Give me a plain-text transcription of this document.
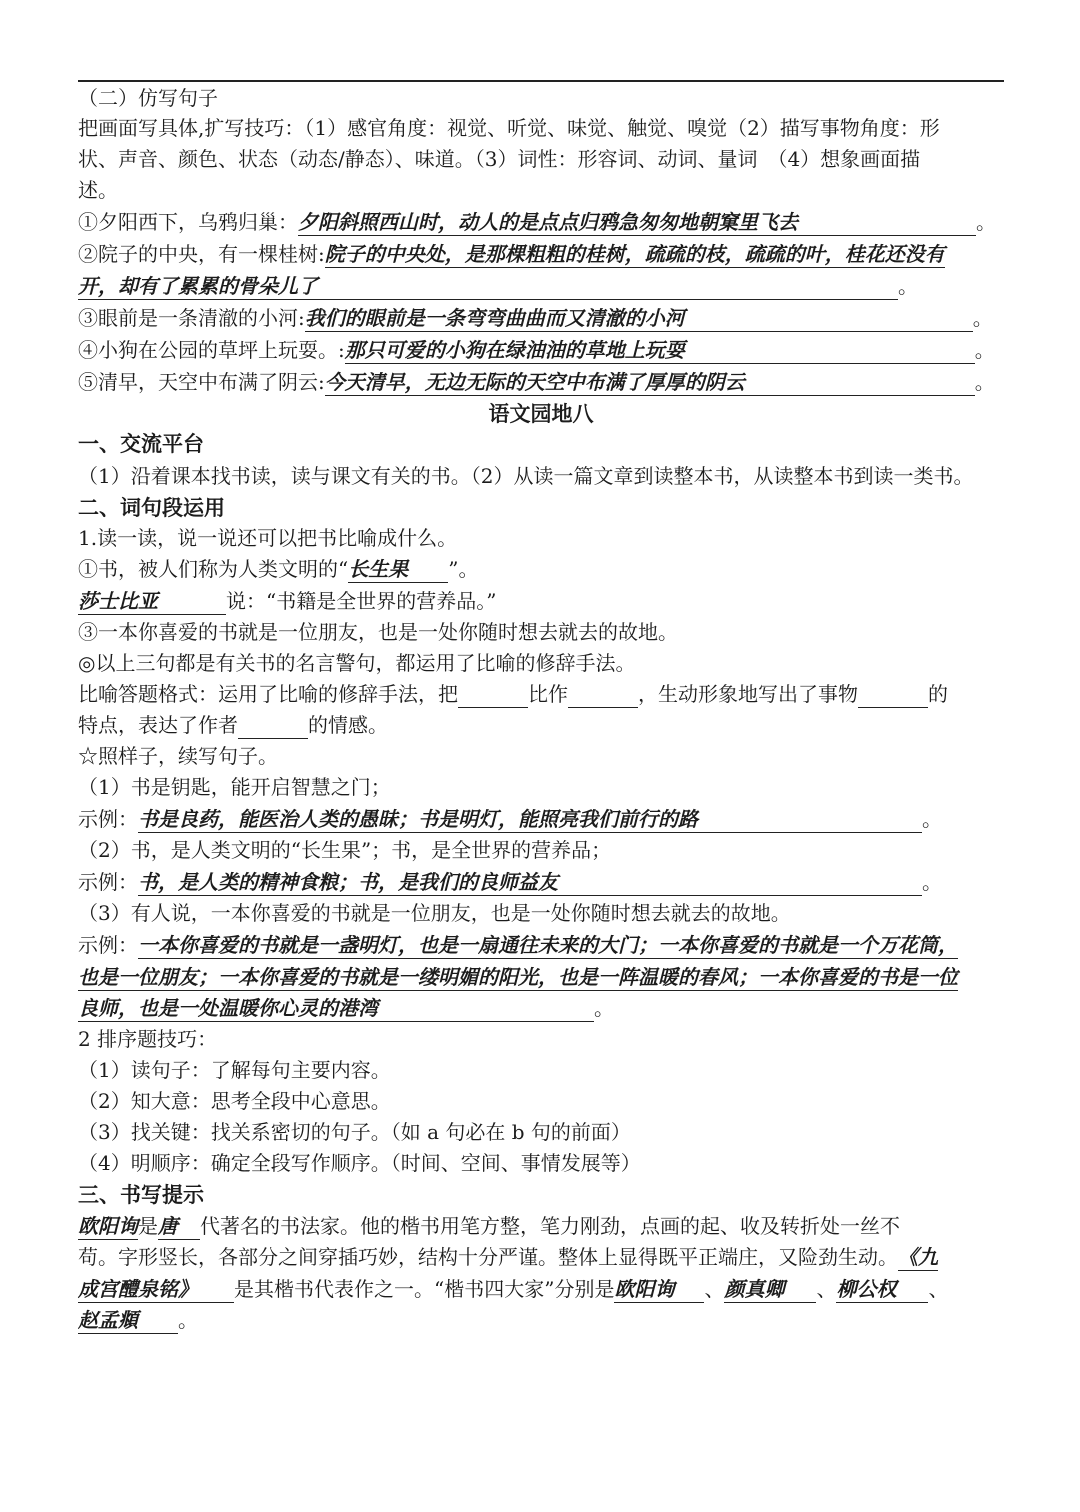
（二）仿写句子
把画面写具体,扩写技巧：（1）感官角度：视觉、听觉、味觉、触觉、嗅觉（2）描写事物角度：形
状、声音、颜色、状态（动态/静态）、味道。（3）词性：形容词、动词、量词　（4）想象画面描
述。
①夕阳西下，乌鸦归巢：夕阳斜照西山时，动人的是点点归鸦急匆匆地朝窠里飞去	。
②院子的中央，有一棵桂树:院子的中央处，是那棵粗粗的桂树，疏疏的枝，疏疏的叶，桂花还没有
开，却有了累累的骨朵儿了	。
③眼前是一条清澈的小河:我们的眼前是一条弯弯曲曲而又清澈的小河	。
④小狗在公园的草坪上玩耍。:那只可爱的小狗在绿油油的草地上玩耍	。
⑤清早，天空中布满了阴云:今天清早，无边无际的天空中布满了厚厚的阴云	。
语文园地八
一、交流平台
（1）沿着课本找书读，读与课文有关的书。（2）从读一篇文章到读整本书，从读整本书到读一类书。
二、词句段运用
1.读一读，说一说还可以把书比喻成什么。
①书，被人们称为人类文明的“长生果 ”。
莎士比亚	说：“书籍是全世界的营养品。”
③一本你喜爱的书就是一位朋友，也是一处你随时想去就去的故地。
◎以上三句都是有关书的名言警句，都运用了比喻的修辞手法。
比喻答题格式：运用了比喻的修辞手法，把	比作	，生动形象地写出了事物	的
特点，表达了作者	的情感。
☆照样子，续写句子。
（1）书是钥匙，能开启智慧之门；
示例：书是良药，能医治人类的愚昧；书是明灯，能照亮我们前行的路	。
（2）书，是人类文明的“长生果”；书，是全世界的营养品；
示例：书，是人类的精神食粮；书，是我们的良师益友	。
（3）有人说，一本你喜爱的书就是一位朋友，也是一处你随时想去就去的故地。
示例：一本你喜爱的书就是一盏明灯，也是一扇通往未来的大门；一本你喜爱的书就是一个万花筒，
也是一位朋友；一本你喜爱的书就是一缕明媚的阳光，也是一阵温暖的春风；一本你喜爱的书是一位
良师，也是一处温暖你心灵的港湾	。
2 排序题技巧：
（1）读句子：了解每句主要内容。
（2）知大意：思考全段中心意思。
（3）找关键：找关系密切的句子。（如 a 句必在 b 句的前面）
（4）明顺序：确定全段写作顺序。（时间、空间、事情发展等）
三、书写提示
欧阳询是唐 代著名的书法家。他的楷书用笔方整，笔力刚劲，点画的起、收及转折处一丝不
苟。字形竖长，各部分之间穿插巧妙，结构十分严谨。整体上显得既平正端庄，又险劲生动。《九
成宫醴泉铭》 是其楷书代表作之一。“楷书四大家”分别是欧阳询 、颜真卿 、柳公权 、
赵孟頫 。
